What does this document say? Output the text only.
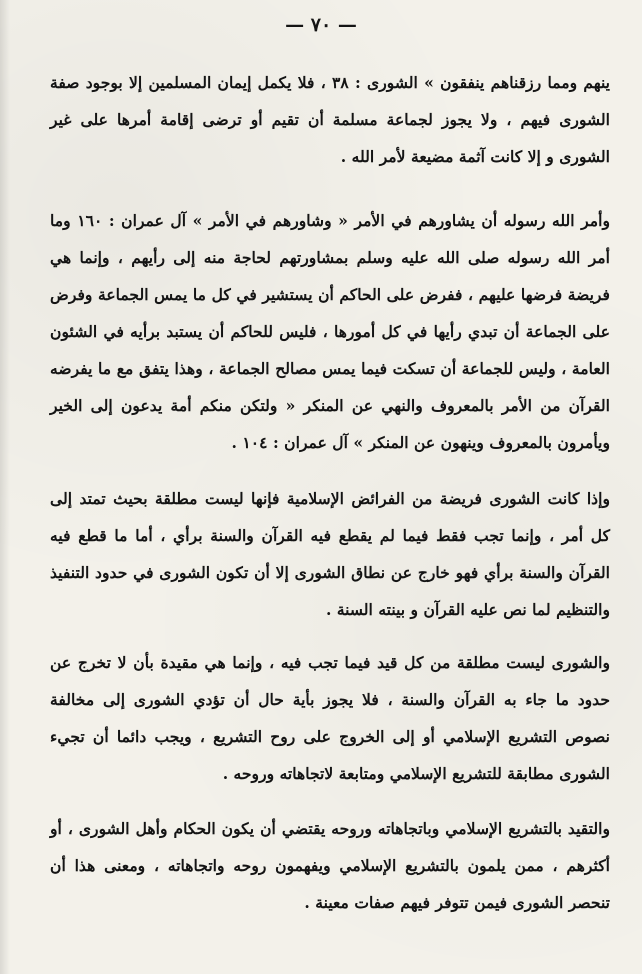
— ٧٠ —
ينهم ومما رزقناهم ينفقون » الشورى : ٣٨ ، فلا يكمل إيمان المسلمين إلا بوجود صفة الشورى فيهم ، ولا يجوز لجماعة مسلمة أن تقيم أو ترضى إقامة أمرها على غير الشورى و إلا كانت آثمة مضيعة لأمر الله .
وأمر الله رسوله أن يشاورهم في الأمر « وشاورهم في الأمر » آل عمران : ١٦٠ وما أمر الله رسوله صلى الله عليه وسلم بمشاورتهم لحاجة منه إلى رأيهم ، وإنما هي فريضة فرضها عليهم ، ففرض على الحاكم أن يستشير في كل ما يمس الجماعة وفرض على الجماعة أن تبدي رأيها في كل أمورها ، فليس للحاكم أن يستبد برأيه في الشئون العامة ، وليس للجماعة أن تسكت فيما يمس مصالح الجماعة ، وهذا يتفق مع ما يفرضه القرآن من الأمر بالمعروف والنهي عن المنكر « ولتكن منكم أمة يدعون إلى الخير ويأمرون بالمعروف وينهون عن المنكر » آل عمران : ١٠٤ .
وإذا كانت الشورى فريضة من الفرائض الإسلامية فإنها ليست مطلقة بحيث تمتد إلى كل أمر ، وإنما تجب فقط فيما لم يقطع فيه القرآن والسنة برأي ، أما ما قطع فيه القرآن والسنة برأي فهو خارج عن نطاق الشورى إلا أن تكون الشورى في حدود التنفيذ والتنظيم لما نص عليه القرآن و بينته السنة .
والشورى ليست مطلقة من كل قيد فيما تجب فيه ، وإنما هي مقيدة بأن لا تخرج عن حدود ما جاء به القرآن والسنة ، فلا يجوز بأية حال أن تؤدي الشورى إلى مخالفة نصوص التشريع الإسلامي أو إلى الخروج على روح التشريع ، ويجب دائما أن تجيء الشورى مطابقة للتشريع الإسلامي ومتابعة لاتجاهاته وروحه .
والتقيد بالتشريع الإسلامي وباتجاهاته وروحه يقتضي أن يكون الحكام وأهل الشورى ، أو أكثرهم ، ممن يلمون بالتشريع الإسلامي ويفهمون روحه واتجاهاته ، ومعنى هذا أن تنحصر الشورى فيمن تتوفر فيهم صفات معينة .
